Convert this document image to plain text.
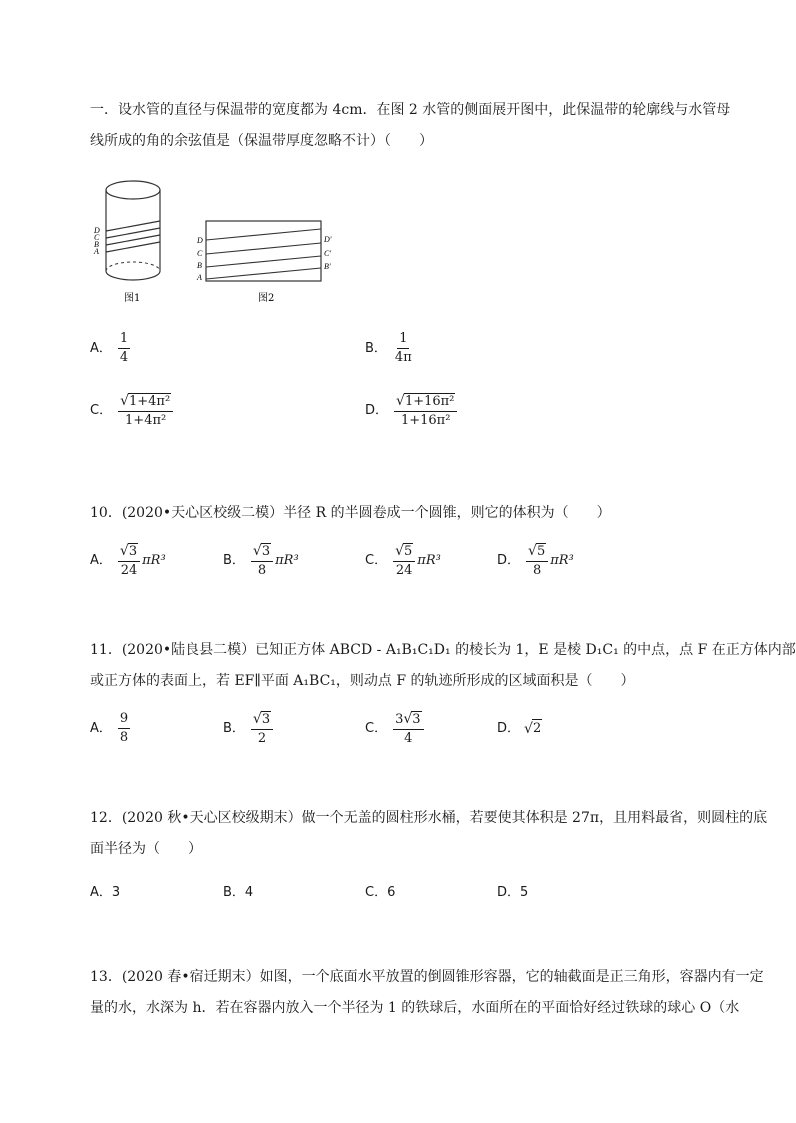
一．设水管的直径与保温带的宽度都为 4cm．在图 2 水管的侧面展开图中，此保温带的轮廓线与水管母
线所成的角的余弦值是（保温带厚度忽略不计）（　　）
D
C
B
A
图1
D
C
B
A
D'
C'
B'
图2
A． $\frac{1}{4}$	B． $\frac{1}{4\pi}$
C． $\frac{\text{√1+4π²}}{\text{1+4π²}}$	D． $\frac{\text{√1+16π²}}{\text{1+16π²}}$
10．(2020•天心区校级二模）半径 R 的半圆卷成一个圆锥，则它的体积为（　　）
A． $\frac{√3}{24} \pi R^3$	B． $\frac{√3}{8} \pi R^3$	C． $\frac{√5}{24} \pi R^3$	D． $\frac{√5}{8} \pi R^3$
11．(2020•陆良县二模）已知正方体 ABCD - A₁B₁C₁D₁ 的棱长为 1，E 是棱 D₁C₁ 的中点，点 F 在正方体内部
或正方体的表面上，若 EF∥平面 A₁BC₁，则动点 F 的轨迹所形成的区域面积是（　　）
A． $\frac{9}{8}$	B． $\frac{√3}{2}$	C． $\frac{3√3}{4}$	D． √ 2
12．(2020 秋•天心区校级期末）做一个无盖的圆柱形水桶，若要使其体积是 27π，且用料最省，则圆柱的底
面半径为（　　）
A．3	B．4	C．6	D．5
13．(2020 春•宿迁期末）如图，一个底面水平放置的倒圆锥形容器，它的轴截面是正三角形，容器内有一定
量的水，水深为 h．若在容器内放入一个半径为 1 的铁球后，水面所在的平面恰好经过铁球的球心 O（水
